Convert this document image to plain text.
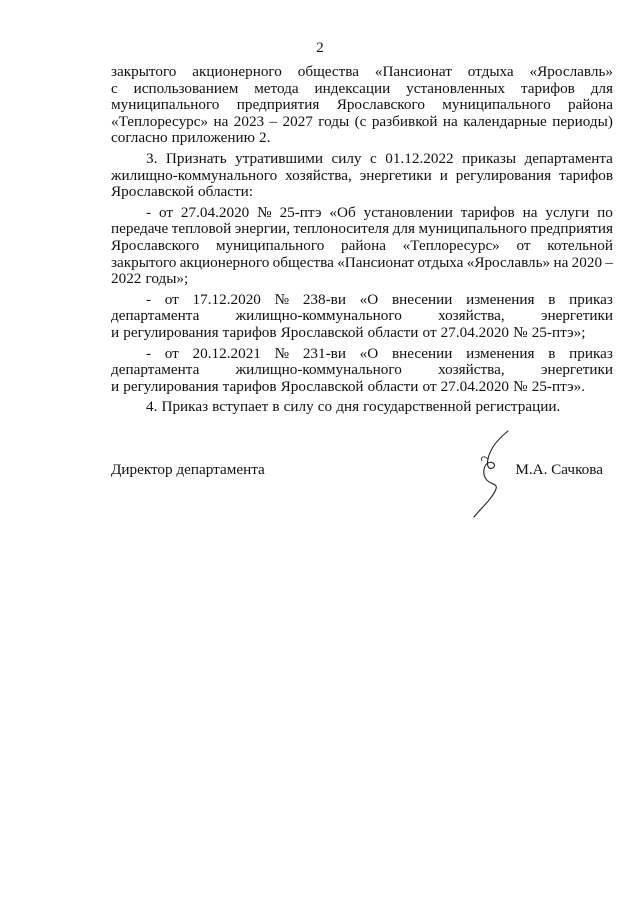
2
закрытого акционерного общества «Пансионат отдыха «Ярославль»
с использованием метода индексации установленных тарифов для
муниципального предприятия Ярославского муниципального района
«Теплоресурс» на 2023 – 2027 годы (с разбивкой на календарные периоды)
согласно приложению 2.
3. Признать утратившими силу с 01.12.2022 приказы департамента
жилищно-коммунального хозяйства, энергетики и регулирования тарифов
Ярославской области:
- от 27.04.2020 № 25-птэ «Об установлении тарифов на услуги по
передаче тепловой энергии, теплоносителя для муниципального предприятия
Ярославского муниципального района «Теплоресурс» от котельной
закрытого акционерного общества «Пансионат отдыха «Ярославль» на 2020 –
2022 годы»;
- от 17.12.2020 № 238-ви «О внесении изменения в приказ
департамента жилищно-коммунального хозяйства, энергетики
и регулирования тарифов Ярославской области от 27.04.2020 № 25-птэ»;
- от 20.12.2021 № 231-ви «О внесении изменения в приказ
департамента жилищно-коммунального хозяйства, энергетики
и регулирования тарифов Ярославской области от 27.04.2020 № 25-птэ».
4. Приказ вступает в силу со дня государственной регистрации.
Директор департамента	М.А. Сачкова
